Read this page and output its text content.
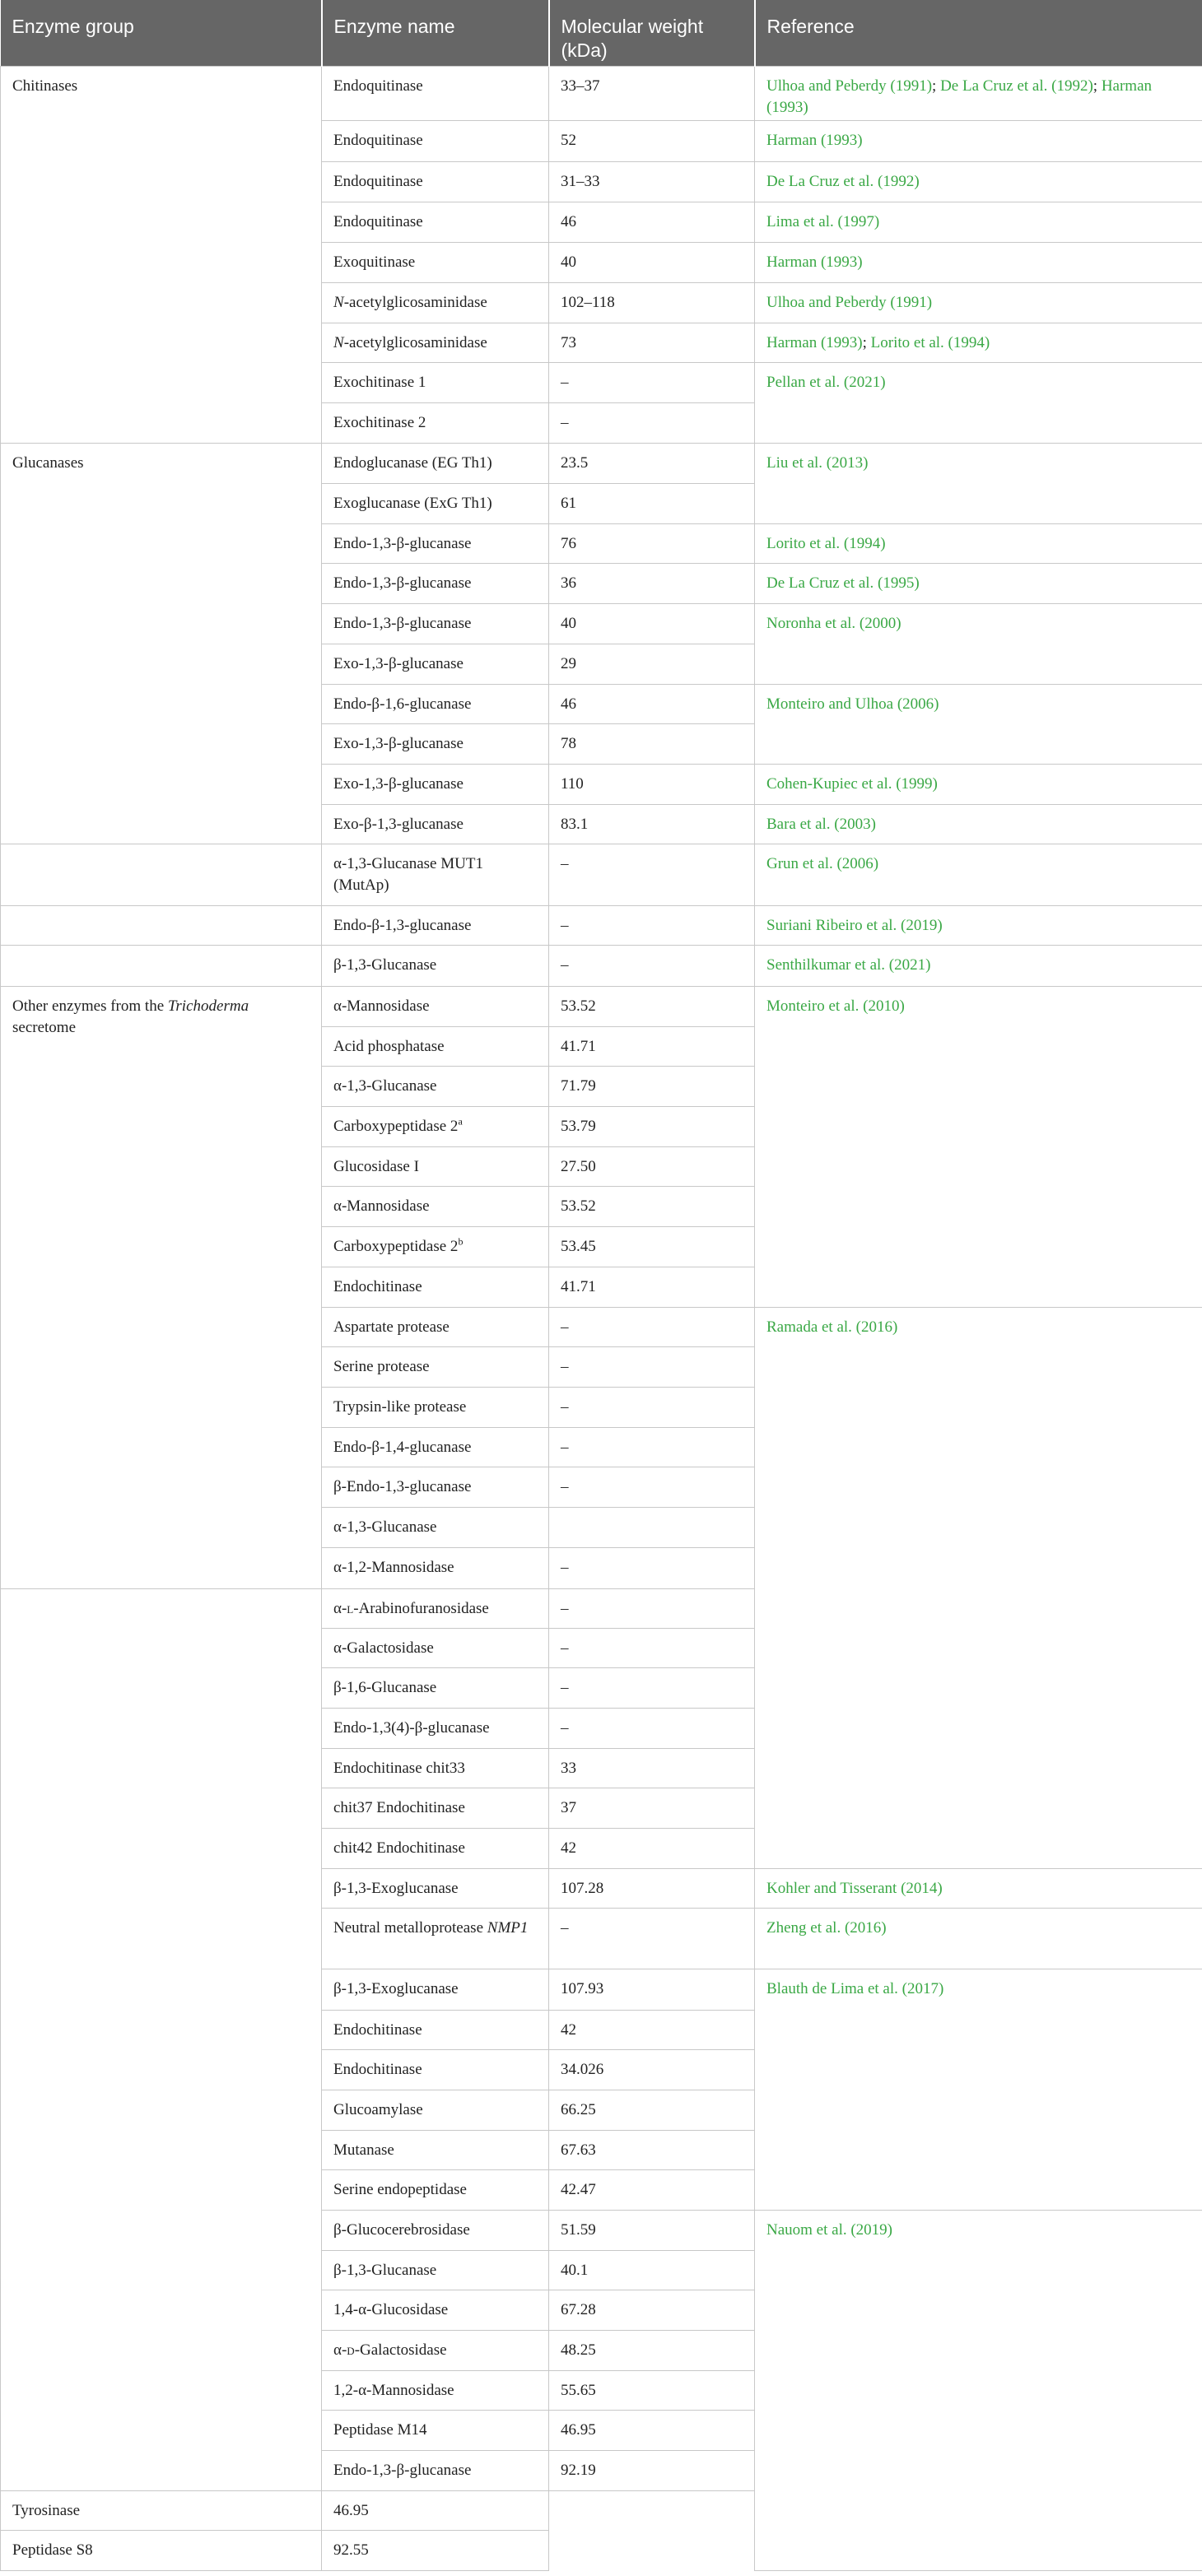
Enzyme group	Enzyme name	Molecular weight (kDa)	Reference
Chitinases	Endoquitinase	33–37	Ulhoa and Peberdy (1991); De La Cruz et al. (1992); Harman (1993)
	Endoquitinase	52	Harman (1993)
	Endoquitinase	31–33	De La Cruz et al. (1992)
	Endoquitinase	46	Lima et al. (1997)
	Exoquitinase	40	Harman (1993)
	N-acetylglicosaminidase	102–118	Ulhoa and Peberdy (1991)
	N-acetylglicosaminidase	73	Harman (1993); Lorito et al. (1994)
	Exochitinase 1	–	Pellan et al. (2021)
	Exochitinase 2	–	
Glucanases	Endoglucanase (EG Th1)	23.5	Liu et al. (2013)
	Exoglucanase (ExG Th1)	61	
	Endo-1,3-β-glucanase	76	Lorito et al. (1994)
	Endo-1,3-β-glucanase	36	De La Cruz et al. (1995)
	Endo-1,3-β-glucanase	40	Noronha et al. (2000)
	Exo-1,3-β-glucanase	29	
	Endo-β-1,6-glucanase	46	Monteiro and Ulhoa (2006)
	Exo-1,3-β-glucanase	78	
	Exo-1,3-β-glucanase	110	Cohen-Kupiec et al. (1999)
	Exo-β-1,3-glucanase	83.1	Bara et al. (2003)
	α-1,3-Glucanase MUT1 (MutAp)	–	Grun et al. (2006)
	Endo-β-1,3-glucanase	–	Suriani Ribeiro et al. (2019)
	β-1,3-Glucanase	–	Senthilkumar et al. (2021)
Other enzymes from the Trichoderma secretome	α-Mannosidase	53.52	Monteiro et al. (2010)
	Acid phosphatase	41.71	
	α-1,3-Glucanase	71.79	
	Carboxypeptidase 2$^a$	53.79	
	Glucosidase I	27.50	
	α-Mannosidase	53.52	
	Carboxypeptidase 2$^b$	53.45	
	Endochitinase	41.71	
	Aspartate protease	–	Ramada et al. (2016)
	Serine protease	–	
	Trypsin-like protease	–	
	Endo-β-1,4-glucanase	–	
	β-Endo-1,3-glucanase	–	
	α-1,3-Glucanase		
	α-1,2-Mannosidase	–	
	α-l-Arabinofuranosidase	–	
	α-Galactosidase	–	
	β-1,6-Glucanase	–	
	Endo-1,3(4)-β-glucanase	–	
	Endochitinase chit33	33	
	chit37 Endochitinase	37	
	chit42 Endochitinase	42	
	β-1,3-Exoglucanase	107.28	Kohler and Tisserant (2014)
	Neutral metalloprotease NMP1	–	Zheng et al. (2016)
	β-1,3-Exoglucanase	107.93	Blauth de Lima et al. (2017)
	Endochitinase	42	
	Endochitinase	34.026	
	Glucoamylase	66.25	
	Mutanase	67.63	
	Serine endopeptidase	42.47	
	β-Glucocerebrosidase	51.59	Nauom et al. (2019)
	β-1,3-Glucanase	40.1	
	1,4-α-Glucosidase	67.28	
	α-d-Galactosidase	48.25	
	1,2-α-Mannosidase	55.65	
	Peptidase M14	46.95	
	Endo-1,3-β-glucanase	92.19	
Tyrosinase	46.95		
Peptidase S8	92.55		
